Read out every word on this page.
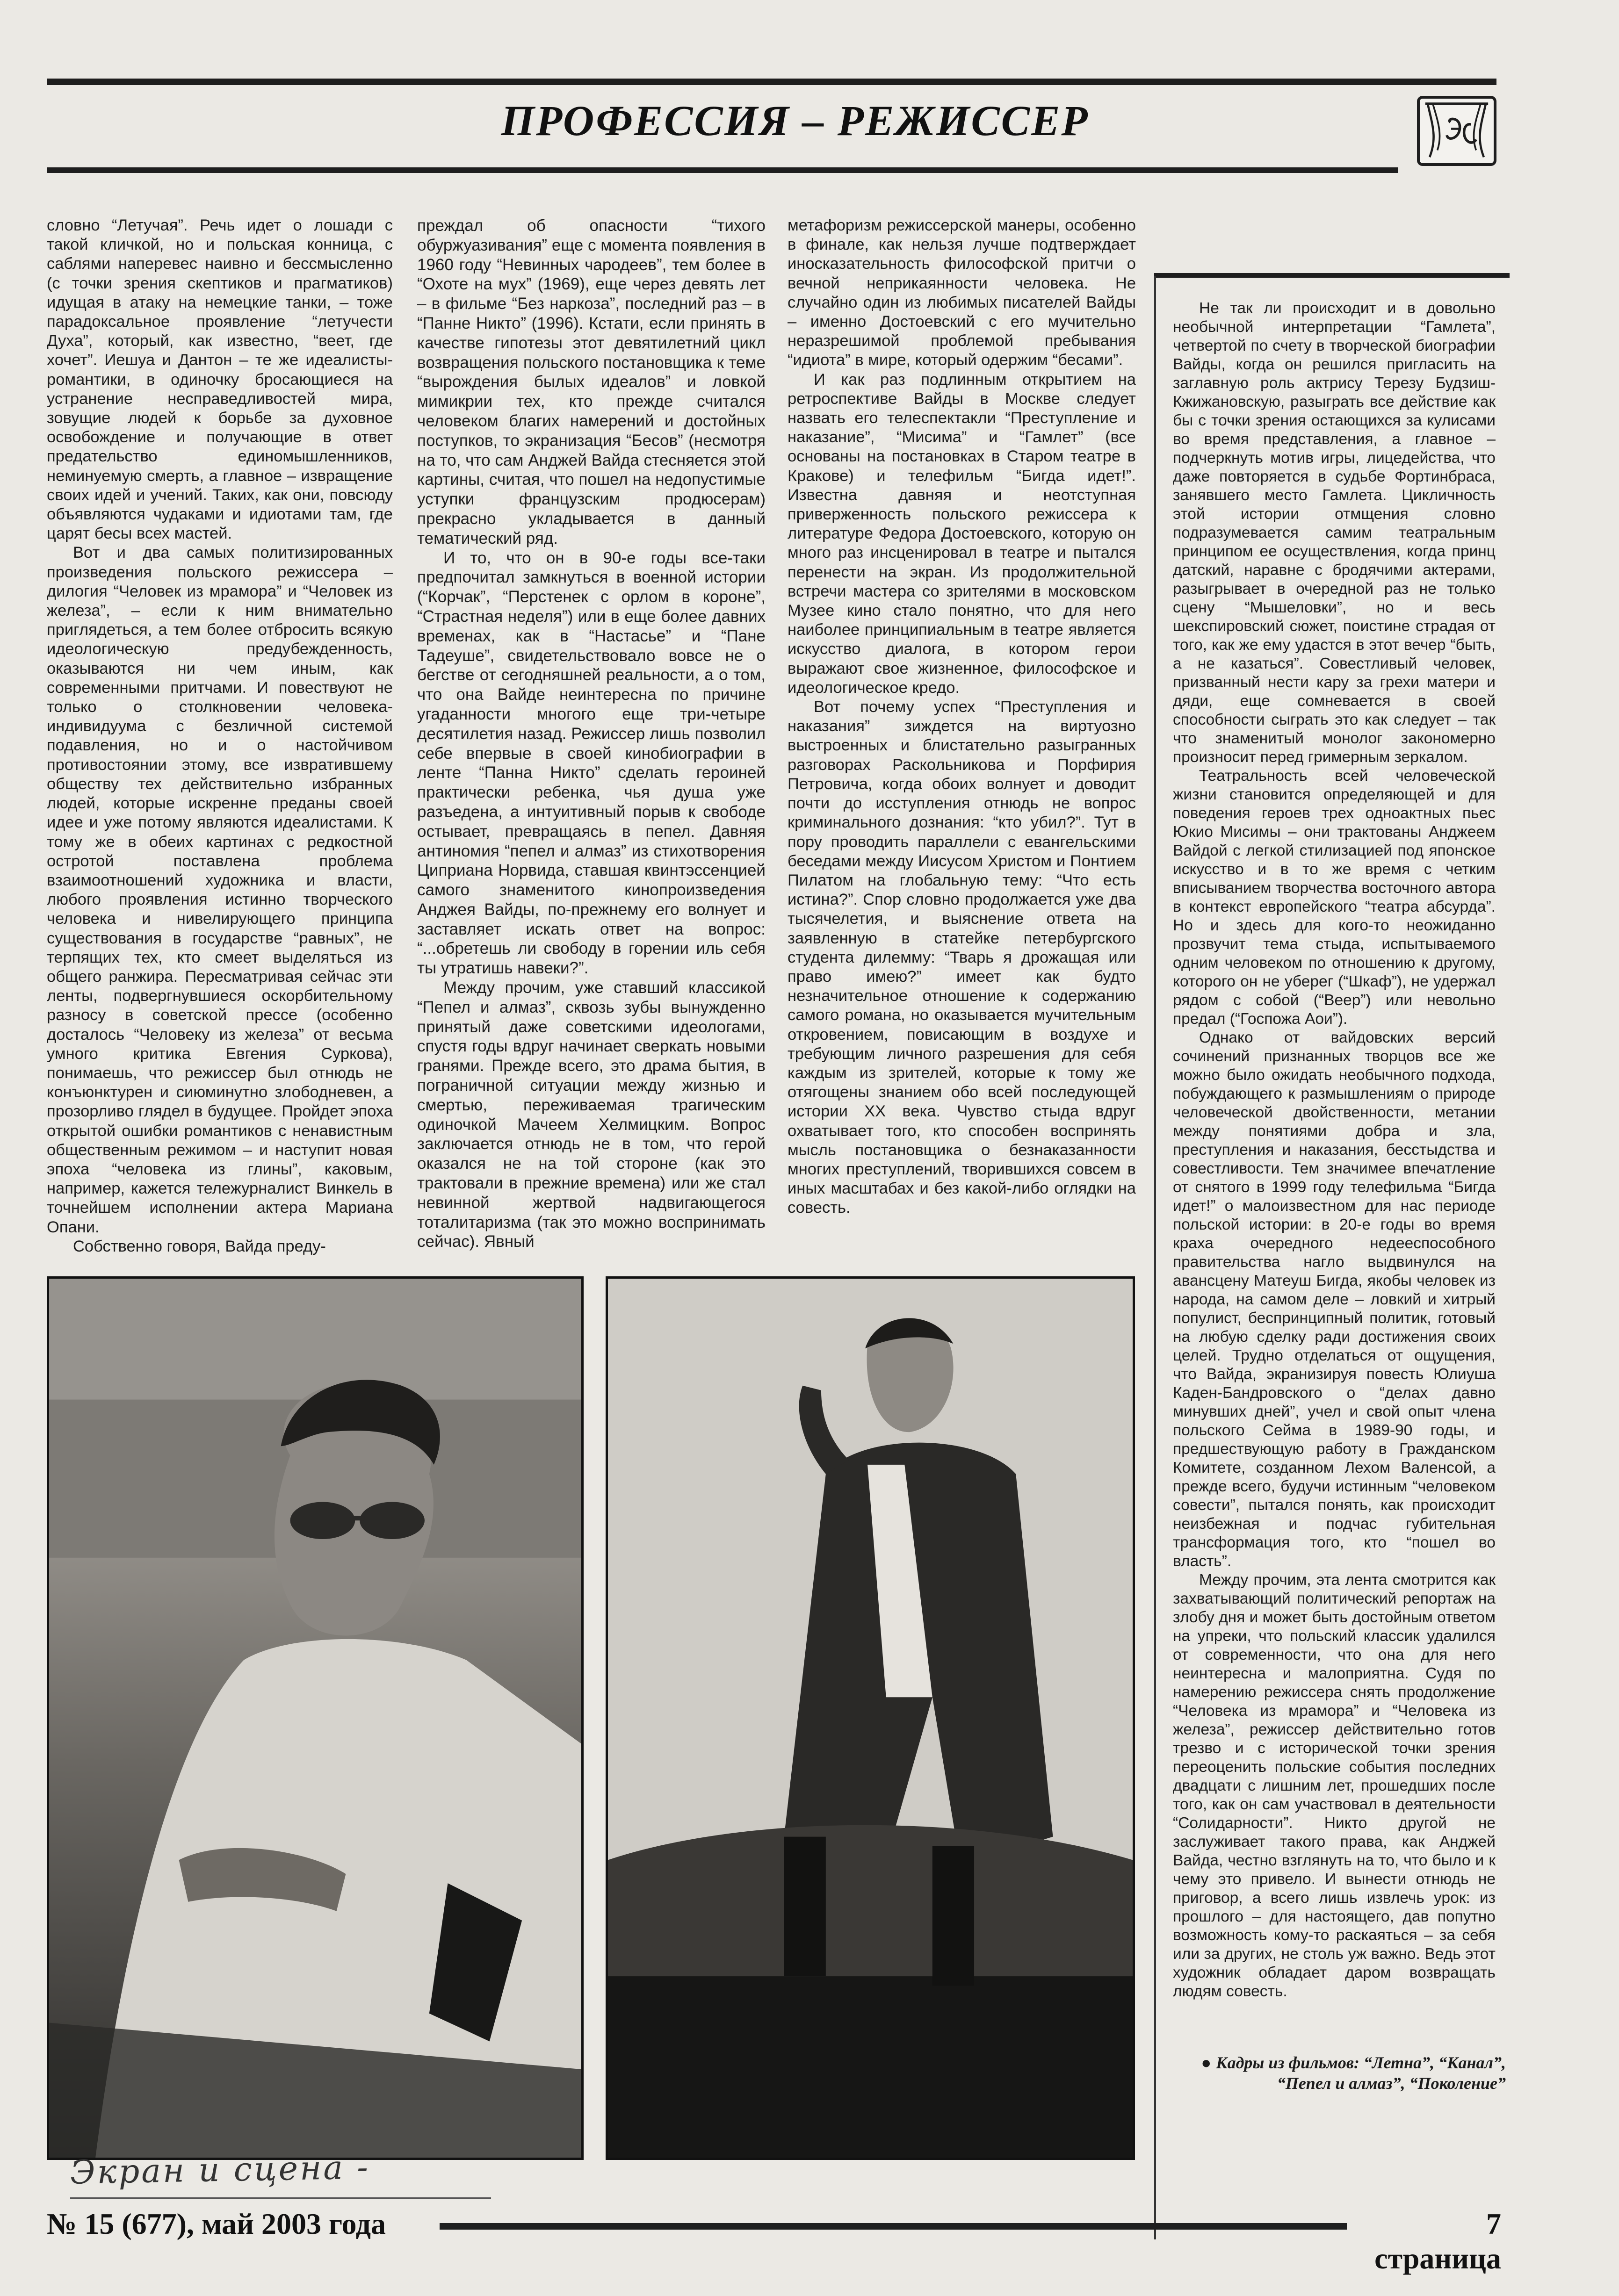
ПРОФЕССИЯ – РЕЖИССЕР

словно “Летучая”. Речь идет о лошади с такой кличкой, но и польская конница, с саблями наперевес наивно и бессмысленно (с точки зрения скептиков и прагматиков) идущая в атаку на немецкие танки, – тоже парадоксальное проявление “летучести Духа”, который, как известно, “веет, где хочет”. Иешуа и Дантон – те же идеалисты-романтики, в одиночку бросающиеся на устранение несправедливостей мира, зовущие людей к борьбе за духовное освобождение и получающие в ответ предательство единомышленников, неминуемую смерть, а главное – извращение своих идей и учений. Таких, как они, повсюду объявляются чудаками и идиотами там, где царят бесы всех мастей.

Вот и два самых политизированных произведения польского режиссера – дилогия “Человек из мрамора” и “Человек из железа”, – если к ним внимательно приглядеться, а тем более отбросить всякую идеологическую предубежденность, оказываются ни чем иным, как современными притчами. И повествуют не только о столкновении человека-индивидуума с безличной системой подавления, но и о настойчивом противостоянии этому, все извратившему обществу тех действительно избранных людей, которые искренне преданы своей идее и уже потому являются идеалистами. К тому же в обеих картинах с редкостной остротой поставлена проблема взаимоотношений художника и власти, любого проявления истинно творческого человека и нивелирующего принципа существования в государстве “равных”, не терпящих тех, кто смеет выделяться из общего ранжира. Пересматривая сейчас эти ленты, подвергнувшиеся оскорбительному разносу в советской прессе (особенно досталось “Человеку из железа” от весьма умного критика Евгения Суркова), понимаешь, что режиссер был отнюдь не конъюнктурен и сиюминутно злободневен, а прозорливо глядел в будущее. Пройдет эпоха открытой ошибки романтиков с ненавистным общественным режимом – и наступит новая эпоха “человека из глины”, каковым, например, кажется тележурналист Винкель в точнейшем исполнении актера Мариана Опани.

Собственно говоря, Вайда преду-

преждал об опасности “тихого обуржуазивания” еще с момента появления в 1960 году “Невинных чародеев”, тем более в “Охоте на мух” (1969), еще через девять лет – в фильме “Без наркоза”, последний раз – в “Панне Никто” (1996). Кстати, если принять в качестве гипотезы этот девятилетний цикл возвращения польского постановщика к теме “вырождения былых идеалов” и ловкой мимикрии тех, кто прежде считался человеком благих намерений и достойных поступков, то экранизация “Бесов” (несмотря на то, что сам Анджей Вайда стесняется этой картины, считая, что пошел на недопустимые уступки французским продюсерам) прекрасно укладывается в данный тематический ряд.

И то, что он в 90-е годы все-таки предпочитал замкнуться в военной истории (“Корчак”, “Перстенек с орлом в короне”, “Страстная неделя”) или в еще более давних временах, как в “Настасье” и “Пане Тадеуше”, свидетельствовало вовсе не о бегстве от сегодняшней реальности, а о том, что она Вайде неинтересна по причине угаданности многого еще три-четыре десятилетия назад. Режиссер лишь позволил себе впервые в своей кинобиографии в ленте “Панна Никто” сделать героиней практически ребенка, чья душа уже разъедена, а интуитивный порыв к свободе остывает, превращаясь в пепел. Давняя антиномия “пепел и алмаз” из стихотворения Циприана Норвида, ставшая квинтэссенцией самого знаменитого кинопроизведения Анджея Вайды, по-прежнему его волнует и заставляет искать ответ на вопрос: “...обретешь ли свободу в горении иль себя ты утратишь навеки?”.

Между прочим, уже ставший классикой “Пепел и алмаз”, сквозь зубы вынужденно принятый даже советскими идеологами, спустя годы вдруг начинает сверкать новыми гранями. Прежде всего, это драма бытия, в пограничной ситуации между жизнью и смертью, переживаемая трагическим одиночкой Мачеем Хелмицким. Вопрос заключается отнюдь не в том, что герой оказался не на той стороне (как это трактовали в прежние времена) или же стал невинной жертвой надвигающегося тоталитаризма (так это можно воспринимать сейчас). Явный

метафоризм режиссерской манеры, особенно в финале, как нельзя лучше подтверждает иносказательность философской притчи о вечной неприкаянности человека. Не случайно один из любимых писателей Вайды – именно Достоевский с его мучительно неразрешимой проблемой пребывания “идиота” в мире, который одержим “бесами”.

И как раз подлинным открытием на ретроспективе Вайды в Москве следует назвать его телеспектакли “Преступление и наказание”, “Мисима” и “Гамлет” (все основаны на постановках в Старом театре в Кракове) и телефильм “Бигда идет!”. Известна давняя и неотступная приверженность польского режиссера к литературе Федора Достоевского, которую он много раз инсценировал в театре и пытался перенести на экран. Из продолжительной встречи мастера со зрителями в московском Музее кино стало понятно, что для него наиболее принципиальным в театре является искусство диалога, в котором герои выражают свое жизненное, философское и идеологическое кредо.

Вот почему успех “Преступления и наказания” зиждется на виртуозно выстроенных и блистательно разыгранных разговорах Раскольникова и Порфирия Петровича, когда обоих волнует и доводит почти до исступления отнюдь не вопрос криминального дознания: “кто убил?”. Тут в пору проводить параллели с евангельскими беседами между Иисусом Христом и Понтием Пилатом на глобальную тему: “Что есть истина?”. Спор словно продолжается уже два тысячелетия, и выяснение ответа на заявленную в статейке петербургского студента дилемму: “Тварь я дрожащая или право имею?” имеет как будто незначительное отношение к содержанию самого романа, но оказывается мучительным откровением, повисающим в воздухе и требующим личного разрешения для себя каждым из зрителей, которые к тому же отягощены знанием обо всей последующей истории XX века. Чувство стыда вдруг охватывает того, кто способен воспринять мысль постановщика о безнаказанности многих преступлений, творившихся совсем в иных масштабах и без какой-либо оглядки на совесть.

Не так ли происходит и в довольно необычной интерпретации “Гамлета”, четвертой по счету в творческой биографии Вайды, когда он решился пригласить на заглавную роль актрису Терезу Будзиш-Кжижановскую, разыграть все действие как бы с точки зрения остающихся за кулисами во время представления, а главное – подчеркнуть мотив игры, лицедейства, что даже повторяется в судьбе Фортинбраса, занявшего место Гамлета. Цикличность этой истории отмщения словно подразумевается самим театральным принципом ее осуществления, когда принц датский, наравне с бродячими актерами, разыгрывает в очередной раз не только сцену “Мышеловки”, но и весь шекспировский сюжет, поистине страдая от того, как же ему удастся в этот вечер “быть, а не казаться”. Совестливый человек, призванный нести кару за грехи матери и дяди, еще сомневается в своей способности сыграть это как следует – так что знаменитый монолог закономерно произносит перед гримерным зеркалом.

Театральность всей человеческой жизни становится определяющей и для поведения героев трех одноактных пьес Юкио Мисимы – они трактованы Анджеем Вайдой с легкой стилизацией под японское искусство и в то же время с четким вписыванием творчества восточного автора в контекст европейского “театра абсурда”. Но и здесь для кого-то неожиданно прозвучит тема стыда, испытываемого одним человеком по отношению к другому, которого он не уберег (“Шкаф”), не удержал рядом с собой (“Веер”) или невольно предал (“Госпожа Аои”).

Однако от вайдовских версий сочинений признанных творцов все же можно было ожидать необычного подхода, побуждающего к размышлениям о природе человеческой двойственности, метании между понятиями добра и зла, преступления и наказания, бесстыдства и совестливости. Тем значимее впечатление от снятого в 1999 году телефильма “Бигда идет!” о малоизвестном для нас периоде польской истории: в 20-е годы во время краха очередного недееспособного правительства нагло выдвинулся на авансцену Матеуш Бигда, якобы человек из народа, на самом деле – ловкий и хитрый популист, беспринципный политик, готовый на любую сделку ради достижения своих целей. Трудно отделаться от ощущения, что Вайда, экранизируя повесть Юлиуша Каден-Бандровского о “делах давно минувших дней”, учел и свой опыт члена польского Сейма в 1989-90 годы, и предшествующую работу в Гражданском Комитете, созданном Лехом Валенсой, а прежде всего, будучи истинным “человеком совести”, пытался понять, как происходит неизбежная и подчас губительная трансформация того, кто “пошел во власть”.

Между прочим, эта лента смотрится как захватывающий политический репортаж на злобу дня и может быть достойным ответом на упреки, что польский классик удалился от современности, что она для него неинтересна и малоприятна. Судя по намерению режиссера снять продолжение “Человека из мрамора” и “Человека из железа”, режиссер действительно готов трезво и с исторической точки зрения переоценить польские события последних двадцати с лишним лет, прошедших после того, как он сам участвовал в деятельности “Солидарности”. Никто другой не заслуживает такого права, как Анджей Вайда, честно взглянуть на то, что было и к чему это привело. И вынести отнюдь не приговор, а всего лишь извлечь урок: из прошлого – для настоящего, дав попутно возможность кому-то раскаяться – за себя или за других, не столь уж важно. Ведь этот художник обладает даром возвращать людям совесть.

● Кадры из фильмов: “Летна”, “Канал”, “Пепел и алмаз”, “Поколение”
Экран и сцена -
№ 15 (677), май 2003 года	7 страница
